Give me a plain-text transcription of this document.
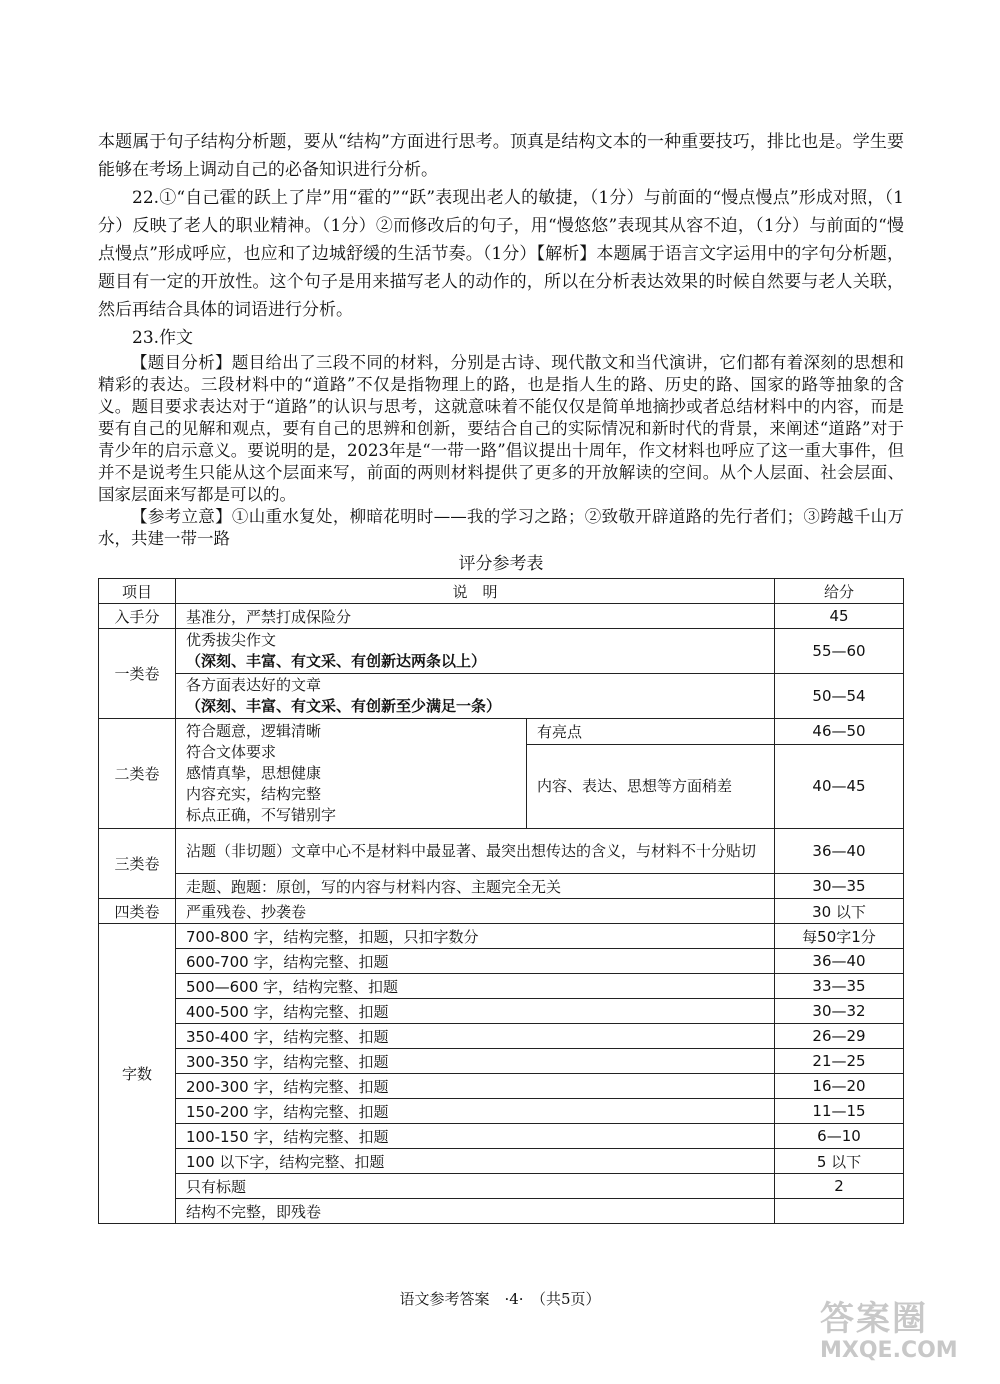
本题属于句子结构分析题，要从“结构”方面进行思考。顶真是结构文本的一种重要技巧，排比也是。学生要能够在考场上调动自己的必备知识进行分析。

22.①“自己霍的跃上了岸”用“霍的”“跃”表现出老人的敏捷，（1分）与前面的“慢点慢点”形成对照，（1分）反映了老人的职业精神。（1分）②而修改后的句子，用“慢悠悠”表现其从容不迫，（1分）与前面的“慢点慢点”形成呼应，也应和了边城舒缓的生活节奏。（1分）【解析】本题属于语言文字运用中的字句分析题，题目有一定的开放性。这个句子是用来描写老人的动作的，所以在分析表达效果的时候自然要与老人关联，然后再结合具体的词语进行分析。

23.作文

【题目分析】题目给出了三段不同的材料，分别是古诗、现代散文和当代演讲，它们都有着深刻的思想和精彩的表达。三段材料中的“道路”不仅是指物理上的路，也是指人生的路、历史的路、国家的路等抽象的含义。题目要求表达对于“道路”的认识与思考，这就意味着不能仅仅是简单地摘抄或者总结材料中的内容，而是要有自己的见解和观点，要有自己的思辨和创新，要结合自己的实际情况和新时代的背景，来阐述“道路”对于青少年的启示意义。要说明的是，2023年是“一带一路”倡议提出十周年，作文材料也呼应了这一重大事件，但并不是说考生只能从这个层面来写，前面的两则材料提供了更多的开放解读的空间。从个人层面、社会层面、国家层面来写都是可以的。

【参考立意】①山重水复处，柳暗花明时——我的学习之路；②致敬开辟道路的先行者们；③跨越千山万水，共建一带一路

评分参考表
项目	说　明		给分
入手分	基准分，严禁打成保险分		45
一类卷	优秀拔尖作文
（深刻、丰富、有文采、有创新达两条以上）		55—60

	各方面表达好的文章
（深刻、丰富、有文采、有创新至少满足一条）		50—54
二类卷	符合题意，逻辑清晰
符合文体要求
感情真挚，思想健康
内容充实，结构完整
标点正确，不写错别字	有亮点	46—50
		内容、表达、思想等方面稍差	40—45
三类卷	沾题（非切题）文章中心不是材料中最显著、最突出想传达的含义，与材料不十分贴切		36—40
	走题、跑题：原创，写的内容与材料内容、主题完全无关		30—35
四类卷	严重残卷、抄袭卷		30 以下
字数	700-800 字，结构完整，扣题，只扣字数分		每50字1分
	600-700 字，结构完整、扣题		36—40
	500—600 字，结构完整、扣题		33—35
	400-500 字，结构完整、扣题		30—32
	350-400 字，结构完整、扣题		26—29
	300-350 字，结构完整、扣题		21—25
	200-300 字，结构完整、扣题		16—20
	150-200 字，结构完整、扣题		11—15
	100-150 字，结构完整、扣题		6—10
	100 以下字，结构完整、扣题		5 以下
	只有标题		2
	结构不完整，即残卷		
语文参考答案　·4·　（共5页）	答案圈
MXQE.COM
